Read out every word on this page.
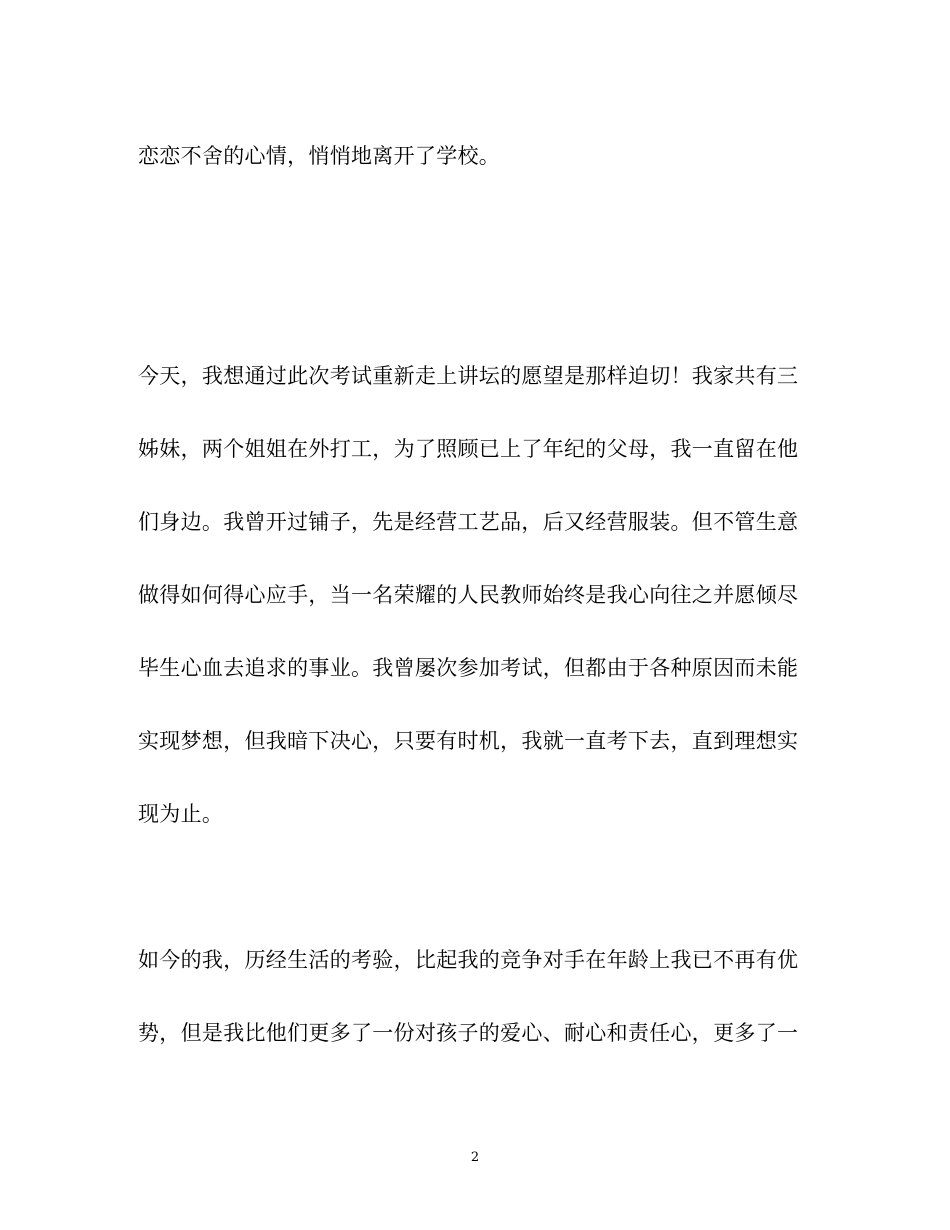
恋恋不舍的心情，悄悄地离开了学校。
今天，我想通过此次考试重新走上讲坛的愿望是那样迫切！我家共有三
姊妹，两个姐姐在外打工，为了照顾已上了年纪的父母，我一直留在他
们身边。我曾开过铺子，先是经营工艺品，后又经营服装。但不管生意
做得如何得心应手，当一名荣耀的人民教师始终是我心向往之并愿倾尽
毕生心血去追求的事业。我曾屡次参加考试，但都由于各种原因而未能
实现梦想，但我暗下决心，只要有时机，我就一直考下去，直到理想实
现为止。
如今的我，历经生活的考验，比起我的竞争对手在年龄上我已不再有优
势，但是我比他们更多了一份对孩子的爱心、耐心和责任心，更多了一
2
